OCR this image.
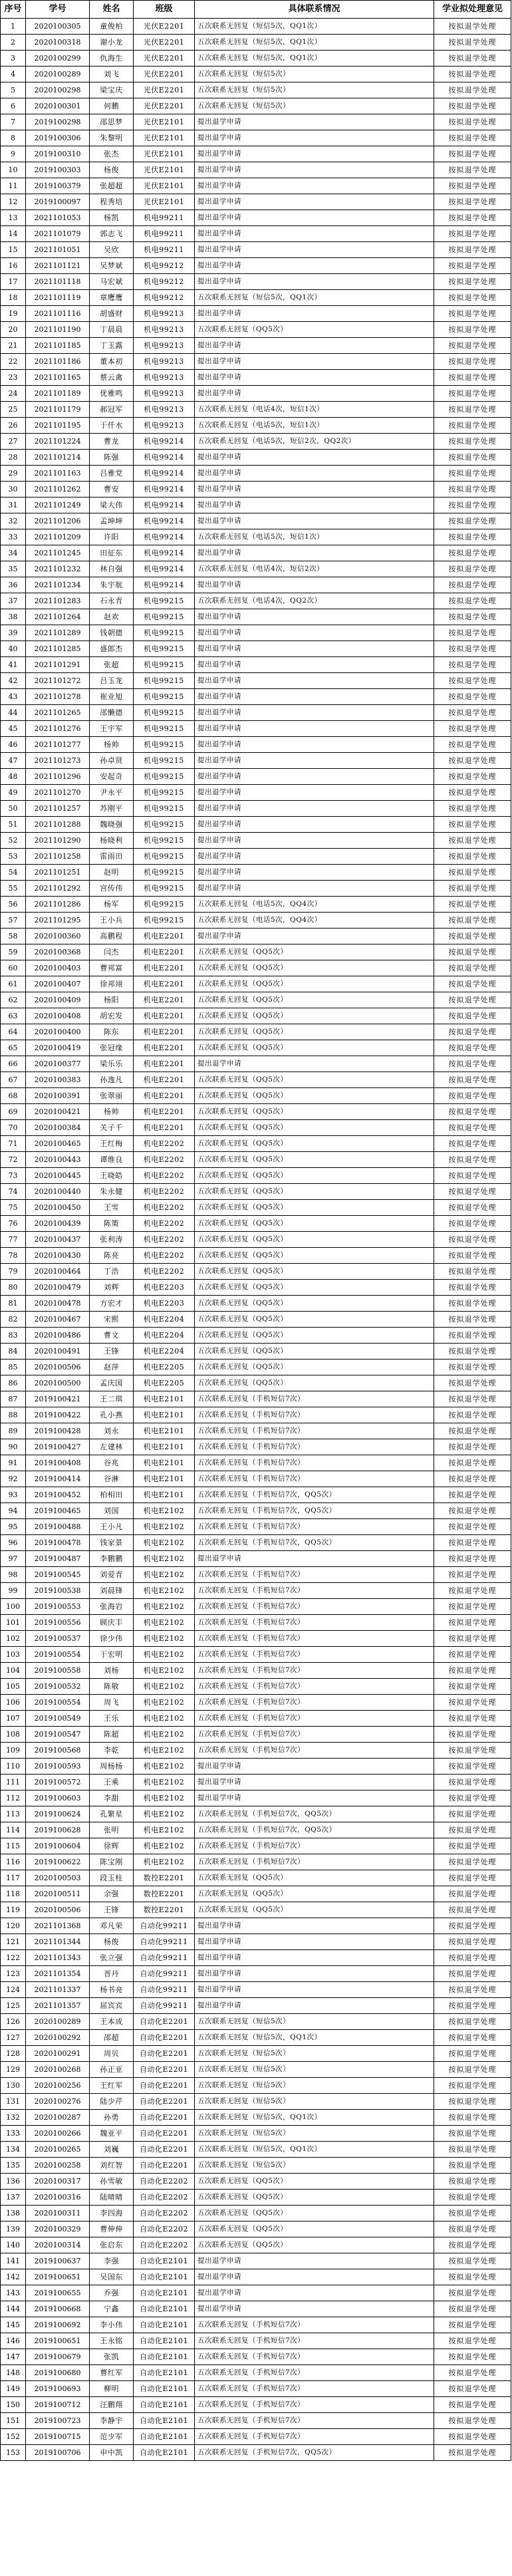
序号	学号	姓名	班级	具体联系情况	学业拟处理意见
1	2020100305	童俊柏	光伏E2201	五次联系无回复（短信5次，QQ1次）	按拟退学处理
2	2020100318	谢小龙	光伏E2201	五次联系无回复（短信5次，QQ1次）	按拟退学处理
3	2020100299	仇海生	光伏E2201	五次联系无回复（短信5次，QQ1次）	按拟退学处理
4	2020100289	刘飞	光伏E2201	五次联系无回复（短信5次）	按拟退学处理
5	2020100298	梁宝庆	光伏E2201	五次联系无回复（短信5次）	按拟退学处理
6	2020100301	何鹏	光伏E2201	五次联系无回复（短信5次）	按拟退学处理
7	2019100298	邵思梦	光伏E2101	提出退学申请	按拟退学处理
8	2019100306	朱黎明	光伏E2101	提出退学申请	按拟退学处理
9	2019100310	张杰	光伏E2101	提出退学申请	按拟退学处理
10	2019100303	杨俊	光伏E2101	提出退学申请	按拟退学处理
11	2019100379	张超超	光伏E2101	提出退学申请	按拟退学处理
12	2019100097	程秀培	光伏E2101	提出退学申请	按拟退学处理
13	2021101053	杨凯	机电99211	提出退学申请	按拟退学处理
14	2021101079	郭志飞	机电99211	提出退学申请	按拟退学处理
15	2021101051	吴欣	机电99211	提出退学申请	按拟退学处理
16	2021101121	吴梦斌	机电99212	提出退学申请	按拟退学处理
17	2021101118	马宏斌	机电99212	提出退学申请	按拟退学处理
18	2021101119	章鹰鹰	机电99212	五次联系无回复（短信5次，QQ1次）	按拟退学处理
19	2021101116	胡盛财	机电99213	提出退学申请	按拟退学处理
20	2021101190	丁晨晨	机电99213	五次联系无回复（QQ5次）	按拟退学处理
21	2021101185	丁玉露	机电99213	提出退学申请	按拟退学处理
22	2021101186	董本初	机电99213	提出退学申请	按拟退学处理
23	2021101165	蔡云禽	机电99213	提出退学申请	按拟退学处理
24	2021101189	优雅鸣	机电99213	提出退学申请	按拟退学处理
25	2021101179	郝冠军	机电99213	五次联系无回复（电话4次，短信1次）	按拟退学处理
26	2021101195	于仟水	机电99213	五次联系无回复（电话5次，短信1次）	按拟退学处理
27	2021101224	曹龙	机电99214	五次联系无回复（电话5次，短信2次，QQ2次）	按拟退学处理
28	2021101214	陈强	机电99214	提出退学申请	按拟退学处理
29	2021101163	吕雅党	机电99214	提出退学申请	按拟退学处理
30	2021101262	曹安	机电99214	提出退学申请	按拟退学处理
31	2021101249	梁大伟	机电99214	提出退学申请	按拟退学处理
32	2021101206	孟坤坤	机电99214	提出退学申请	按拟退学处理
33	2021101209	许阳	机电99214	五次联系无回复（电话5次，短信1次）	按拟退学处理
34	2021101245	田征东	机电99214	提出退学申请	按拟退学处理
35	2021101232	林自强	机电99214	五次联系无回复（电话4次，短信2次）	按拟退学处理
36	2021101234	朱宇航	机电99214	提出退学申请	按拟退学处理
37	2021101283	石永青	机电99215	五次联系无回复（电话4次，QQ2次）	按拟退学处理
38	2021101264	赵欢	机电99215	提出退学申请	按拟退学处理
39	2021101289	钱朝德	机电99215	提出退学申请	按拟退学处理
40	2021101285	盛郎杰	机电99215	提出退学申请	按拟退学处理
41	2021101291	张超	机电99215	提出退学申请	按拟退学处理
42	2021101272	吕玉龙	机电99215	提出退学申请	按拟退学处理
43	2021101278	崔业旭	机电99215	提出退学申请	按拟退学处理
44	2021101265	邵懒德	机电99215	提出退学申请	按拟退学处理
45	2021101276	王宇军	机电99215	提出退学申请	按拟退学处理
46	2021101277	杨帅	机电99215	提出退学申请	按拟退学处理
47	2021101273	孙卓贤	机电99215	提出退学申请	按拟退学处理
48	2021101296	安起奇	机电99215	提出退学申请	按拟退学处理
49	2021101270	尹永平	机电99215	提出退学申请	按拟退学处理
50	2021101257	苏刚平	机电99215	提出退学申请	按拟退学处理
51	2021101288	魏晓强	机电99215	提出退学申请	按拟退学处理
52	2021101290	杨晓利	机电99215	提出退学申请	按拟退学处理
53	2021101258	雷雨田	机电99215	提出退学申请	按拟退学处理
54	2021101251	赵明	机电99215	提出退学申请	按拟退学处理
55	2021101292	宫传伟	机电99215	提出退学申请	按拟退学处理
56	2021101286	杨军	机电99215	五次联系无回复（电话5次，QQ4次）	按拟退学处理
57	2021101295	王小兵	机电99215	五次联系无回复（电话5次，QQ4次）	按拟退学处理
58	2020100360	高鹏程	机电E2201	提出退学申请	按拟退学处理
59	2020100368	闫杰	机电E2201	五次联系无回复（QQ5次）	按拟退学处理
60	2020100403	曹邦富	机电E2201	五次联系无回复（QQ5次）	按拟退学处理
61	2020100407	徐邦翊	机电E2201	五次联系无回复（QQ5次）	按拟退学处理
62	2020100409	杨阳	机电E2201	五次联系无回复（QQ5次）	按拟退学处理
63	2020100408	胡宏发	机电E2201	五次联系无回复（QQ5次）	按拟退学处理
64	2020100400	陈东	机电E2201	五次联系无回复（QQ5次）	按拟退学处理
65	2020100419	张冠缘	机电E2201	五次联系无回复（QQ5次）	按拟退学处理
66	2020100377	梁乐乐	机电E2201	提出退学申请	按拟退学处理
67	2020100383	孙逸凡	机电E2201	五次联系无回复（QQ5次）	按拟退学处理
68	2020100391	张翠丽	机电E2201	五次联系无回复（QQ5次）	按拟退学处理
69	2020100421	杨帅	机电E2201	五次联系无回复（QQ5次）	按拟退学处理
70	2020100384	关子千	机电E2201	五次联系无回复（QQ5次）	按拟退学处理
71	2020100465	王红梅	机电E2202	五次联系无回复（QQ5次）	按拟退学处理
72	2020100443	谭维良	机电E2202	五次联系无回复（QQ5次）	按拟退学处理
73	2020100445	王晓皓	机电E2202	五次联系无回复（QQ5次）	按拟退学处理
74	2020100440	朱永健	机电E2202	五次联系无回复（QQ5次）	按拟退学处理
75	2020100450	王雪	机电E2202	五次联系无回复（QQ5次）	按拟退学处理
76	2020100439	陈策	机电E2202	五次联系无回复（QQ5次）	按拟退学处理
77	2020100437	张利涛	机电E2202	五次联系无回复（QQ5次）	按拟退学处理
78	2020100430	陈亮	机电E2202	五次联系无回复（QQ5次）	按拟退学处理
79	2020100464	丁浩	机电E2202	五次联系无回复（QQ5次）	按拟退学处理
80	2020100479	刘辉	机电E2203	五次联系无回复（QQ5次）	按拟退学处理
81	2020100478	方宏才	机电E2203	五次联系无回复（QQ5次）	按拟退学处理
82	2020100467	宋熙	机电E2204	五次联系无回复（QQ5次）	按拟退学处理
83	2020100486	曹文	机电E2204	五次联系无回复（QQ5次）	按拟退学处理
84	2020100491	王锋	机电E2204	五次联系无回复（QQ5次）	按拟退学处理
85	2020100506	赵萍	机电E2205	五次联系无回复（QQ5次）	按拟退学处理
86	2020100500	孟庆国	机电E2205	五次联系无回复（QQ5次）	按拟退学处理
87	2019100421	王二琪	机电E2101	五次联系无回复（手机短信7次）	按拟退学处理
88	2019100422	孔小燕	机电E2101	五次联系无回复（手机短信7次）	按拟退学处理
89	2019100428	刘永	机电E2101	五次联系无回复（手机短信7次）	按拟退学处理
90	2019100427	左建林	机电E2101	五次联系无回复（手机短信7次）	按拟退学处理
91	2019100408	谷兆	机电E2101	五次联系无回复（手机短信7次）	按拟退学处理
92	2019100414	谷淋	机电E2101	五次联系无回复（手机短信7次）	按拟退学处理
93	2019100452	柏相田	机电E2101	五次联系无回复（手机短信7次，QQ5次）	按拟退学处理
94	2019100465	刘国	机电E2102	五次联系无回复（手机短信7次，QQ5次）	按拟退学处理
95	2019100488	王小凡	机电E2102	五次联系无回复（手机短信7次）	按拟退学处理
96	2019100478	钱家景	机电E2102	五次联系无回复（手机短信7次，QQ5次）	按拟退学处理
97	2019100487	李鹏鹏	机电E2102	提出退学申请	按拟退学处理
98	2019100545	刘爱青	机电E2102	五次联系无回复（手机短信7次）	按拟退学处理
99	2019100538	刘晨锋	机电E2102	五次联系无回复（手机短信7次）	按拟退学处理
100	2019100553	张海岩	机电E2102	五次联系无回复（手机短信7次）	按拟退学处理
101	2019100556	顾庆丰	机电E2102	五次联系无回复（手机短信7次）	按拟退学处理
102	2019100537	徐少伟	机电E2102	五次联系无回复（手机短信7次）	按拟退学处理
103	2019100554	于宏明	机电E2102	五次联系无回复（手机短信7次）	按拟退学处理
104	2019100558	刘杨	机电E2102	五次联系无回复（手机短信7次）	按拟退学处理
105	2019100532	陈敬	机电E2102	五次联系无回复（手机短信7次）	按拟退学处理
106	2019100554	周飞	机电E2102	五次联系无回复（手机短信7次）	按拟退学处理
107	2019100549	王乐	机电E2102	五次联系无回复（手机短信7次）	按拟退学处理
108	2019100547	陈超	机电E2102	五次联系无回复（手机短信7次）	按拟退学处理
109	2019100568	李乾	机电E2102	五次联系无回复（手机短信7次）	按拟退学处理
110	2019100593	周杨杨	机电E2102	提出退学申请	按拟退学处理
111	2019100572	王乘	机电E2102	提出退学申请	按拟退学处理
112	2019100603	李甜	机电E2102	提出退学申请	按拟退学处理
113	2019100624	孔繁星	机电E2102	五次联系无回复（手机短信7次，QQ5次）	按拟退学处理
114	2019100628	张明	机电E2102	五次联系无回复（手机短信7次，QQ5次）	按拟退学处理
115	2019100604	徐辉	机电E2102	五次联系无回复（手机短信7次）	按拟退学处理
116	2019100622	陈宝刚	机电E2102	五次联系无回复（手机短信7次）	按拟退学处理
117	2020100503	段玉柱	数控E2201	五次联系无回复（QQ5次）	按拟退学处理
118	2020100511	余强	数控E2201	五次联系无回复（QQ5次）	按拟退学处理
119	2020100506	王锋	数控E2201	五次联系无回复（QQ5次）	按拟退学处理
120	2021101368	邓凡荣	自动化99211	提出退学申请	按拟退学处理
121	2021101344	杨俊	自动化99211	提出退学申请	按拟退学处理
122	2021101343	张立强	自动化99211	提出退学申请	按拟退学处理
123	2021101354	晋丹	自动化99211	提出退学申请	按拟退学处理
124	2021101337	杨书亮	自动化99211	提出退学申请	按拟退学处理
125	2021101357	屈宾宾	自动化99211	提出退学申请	按拟退学处理
126	2020100289	王本成	自动化E2201	五次联系无回复（短信5次）	按拟退学处理
127	2020100292	邵超	自动化E2201	五次联系无回复（短信5次，QQ1次）	按拟退学处理
128	2020100291	周贝	自动化E2201	五次联系无回复（短信5次）	按拟退学处理
129	2020100268	孙正亚	自动化E2201	五次联系无回复（短信5次）	按拟退学处理
130	2020100256	王红军	自动化E2201	五次联系无回复（短信5次）	按拟退学处理
131	2020100276	陆少芹	自动化E2201	五次联系无回复（短信5次）	按拟退学处理
132	2020100287	孙勇	自动化E2201	五次联系无回复（短信5次，QQ1次）	按拟退学处理
133	2020100266	魏亚平	自动化E2201	五次联系无回复（短信5次）	按拟退学处理
134	2020100265	刘巍	自动化E2201	五次联系无回复（短信5次，QQ1次）	按拟退学处理
135	2020100258	刘红智	自动化E2201	五次联系无回复（短信5次）	按拟退学处理
136	2020100317	孙雪敏	自动化E2202	五次联系无回复（QQ5次）	按拟退学处理
137	2020100316	陆晴晴	自动化E2202	五次联系无回复（QQ5次）	按拟退学处理
138	2020100311	李四海	自动化E2202	五次联系无回复（QQ5次）	按拟退学处理
139	2020100329	曹伸伸	自动化E2202	五次联系无回复（QQ5次）	按拟退学处理
140	2020100314	张启东	自动化E2202	五次联系无回复（QQ5次）	按拟退学处理
141	2019100637	李强	自动化E2101	提出退学申请	按拟退学处理
142	2019100651	吴国东	自动化E2101	提出退学申请	按拟退学处理
143	2019100655	乔强	自动化E2101	提出退学申请	按拟退学处理
144	2019100668	宁鑫	自动化E2101	提出退学申请	按拟退学处理
145	2019100692	李小伟	自动化E2101	五次联系无回复（手机短信7次）	按拟退学处理
146	2019100651	王永铭	自动化E2101	五次联系无回复（手机短信7次）	按拟退学处理
147	2019100679	张凯	自动化E2101	五次联系无回复（手机短信7次）	按拟退学处理
148	2019100680	曹红军	自动化E2101	五次联系无回复（手机短信7次）	按拟退学处理
149	2019100693	柳明	自动化E2101	五次联系无回复（手机短信7次）	按拟退学处理
150	2019100712	汪鹏翔	自动化E2101	五次联系无回复（手机短信7次）	按拟退学处理
151	2019100723	李静宇	自动化E2101	五次联系无回复（手机短信7次）	按拟退学处理
152	2019100715	范少军	自动化E2101	五次联系无回复（手机短信7次）	按拟退学处理
153	2019100706	申中凯	自动化E2101	五次联系无回复（手机短信7次，QQ5次）	按拟退学处理
